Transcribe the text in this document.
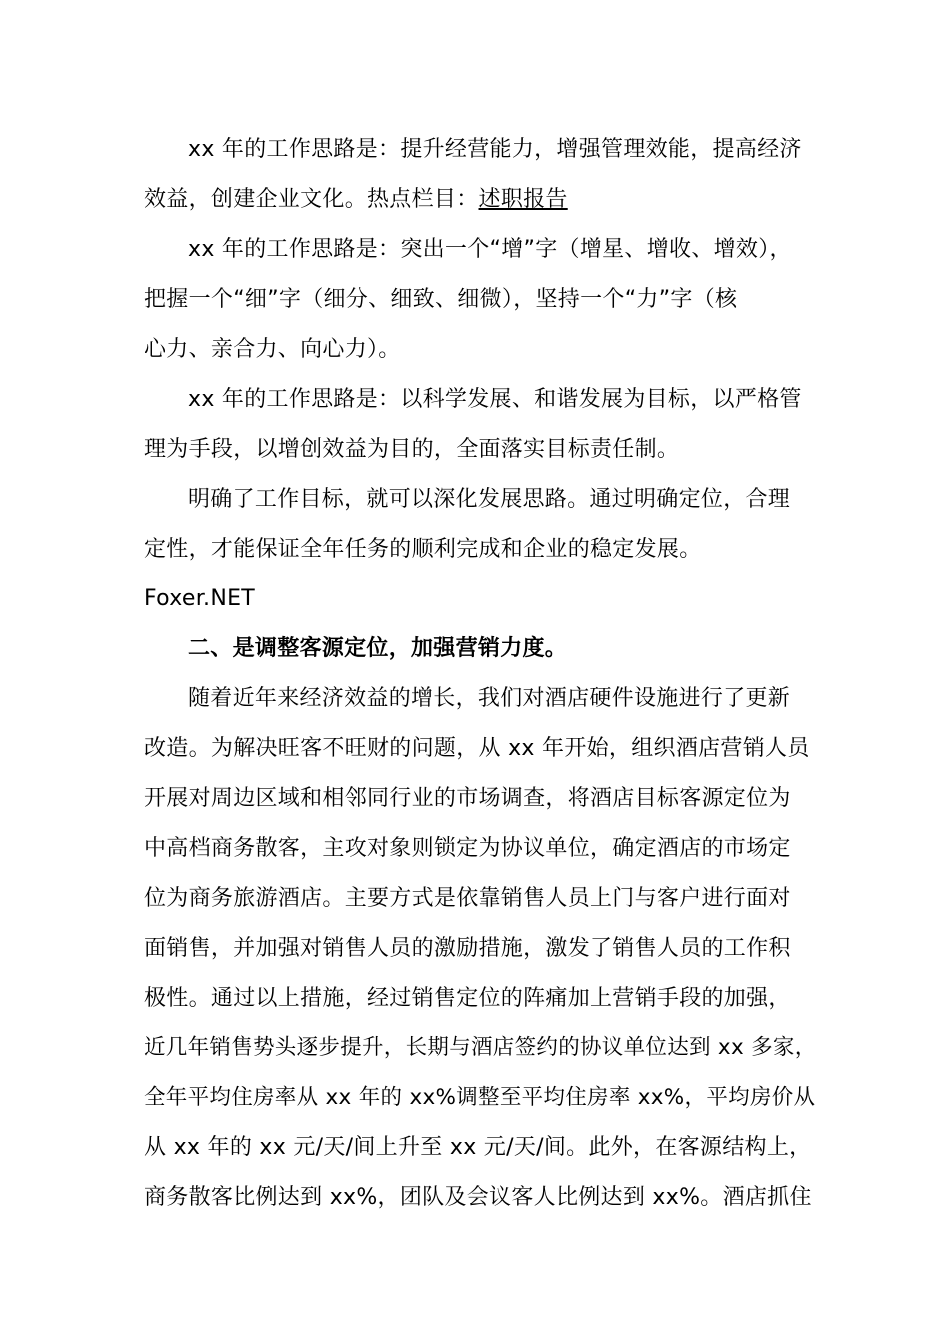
xx 年的工作思路是：提升经营能力，增强管理效能，提高经济
效益，创建企业文化。热点栏目：述职报告
xx 年的工作思路是：突出一个“增”字（增星、增收、增效），
把握一个“细”字（细分、细致、细微），坚持一个“力”字（核
心力、亲合力、向心力）。
xx 年的工作思路是：以科学发展、和谐发展为目标，以严格管
理为手段，以增创效益为目的，全面落实目标责任制。
明确了工作目标，就可以深化发展思路。通过明确定位，合理
定性，才能保证全年任务的顺利完成和企业的稳定发展。
Foxer.NET
二、是调整客源定位，加强营销力度。
随着近年来经济效益的增长，我们对酒店硬件设施进行了更新
改造。为解决旺客不旺财的问题，从 xx 年开始，组织酒店营销人员
开展对周边区域和相邻同行业的市场调查，将酒店目标客源定位为
中高档商务散客，主攻对象则锁定为协议单位，确定酒店的市场定
位为商务旅游酒店。主要方式是依靠销售人员上门与客户进行面对
面销售，并加强对销售人员的激励措施，激发了销售人员的工作积
极性。通过以上措施，经过销售定位的阵痛加上营销手段的加强，
近几年销售势头逐步提升，长期与酒店签约的协议单位达到 xx 多家，
全年平均住房率从 xx 年的 xx%调整至平均住房率 xx%，平均房价从
从 xx 年的 xx 元/天/间上升至 xx 元/天/间。此外，在客源结构上，
商务散客比例达到 xx%，团队及会议客人比例达到 xx%。酒店抓住
